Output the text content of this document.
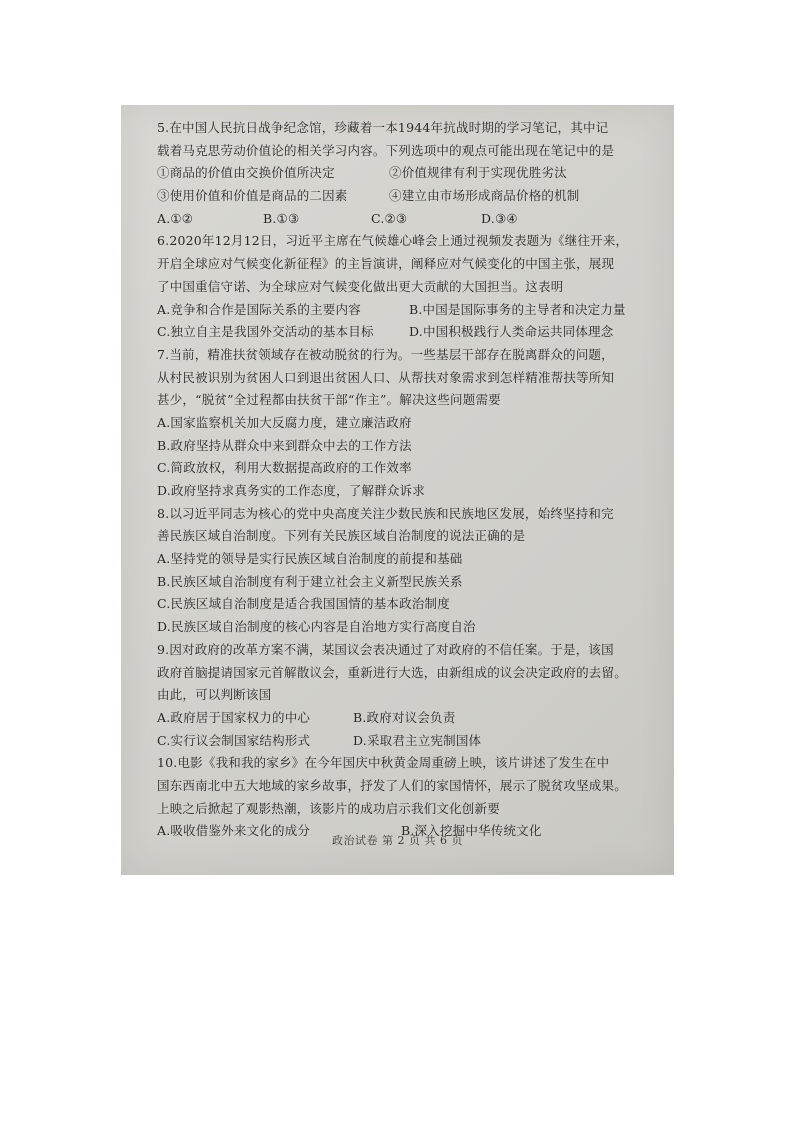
5.在中国人民抗日战争纪念馆，珍藏着一本1944年抗战时期的学习笔记，其中记
载着马克思劳动价值论的相关学习内容。下列选项中的观点可能出现在笔记中的是
①商品的价值由交换价值所决定	②价值规律有利于实现优胜劣汰
③使用价值和价值是商品的二因素	④建立由市场形成商品价格的机制
A.①②	B.①③	C.②③	D.③④
6.2020年12月12日，习近平主席在气候雄心峰会上通过视频发表题为《继往开来，
开启全球应对气候变化新征程》的主旨演讲，阐释应对气候变化的中国主张，展现
了中国重信守诺、为全球应对气候变化做出更大贡献的大国担当。这表明
A.竞争和合作是国际关系的主要内容	B.中国是国际事务的主导者和决定力量
C.独立自主是我国外交活动的基本目标	D.中国积极践行人类命运共同体理念
7.当前，精准扶贫领域存在被动脱贫的行为。一些基层干部存在脱离群众的问题，
从村民被识别为贫困人口到退出贫困人口、从帮扶对象需求到怎样精准帮扶等所知
甚少，“脱贫”全过程都由扶贫干部“作主”。解决这些问题需要
A.国家监察机关加大反腐力度，建立廉洁政府
B.政府坚持从群众中来到群众中去的工作方法
C.简政放权，利用大数据提高政府的工作效率
D.政府坚持求真务实的工作态度，了解群众诉求
8.以习近平同志为核心的党中央高度关注少数民族和民族地区发展，始终坚持和完
善民族区域自治制度。下列有关民族区域自治制度的说法正确的是
A.坚持党的领导是实行民族区域自治制度的前提和基础
B.民族区域自治制度有利于建立社会主义新型民族关系
C.民族区域自治制度是适合我国国情的基本政治制度
D.民族区域自治制度的核心内容是自治地方实行高度自治
9.因对政府的改革方案不满，某国议会表决通过了对政府的不信任案。于是，该国
政府首脑提请国家元首解散议会，重新进行大选，由新组成的议会决定政府的去留。
由此，可以判断该国
A.政府居于国家权力的中心	B.政府对议会负责
C.实行议会制国家结构形式	D.采取君主立宪制国体
10.电影《我和我的家乡》在今年国庆中秋黄金周重磅上映，该片讲述了发生在中
国东西南北中五大地域的家乡故事，抒发了人们的家国情怀，展示了脱贫攻坚成果。
上映之后掀起了观影热潮，该影片的成功启示我们文化创新要
A.吸收借鉴外来文化的成分	B.深入挖掘中华传统文化
政治试卷 第 2 页 共 6 页
